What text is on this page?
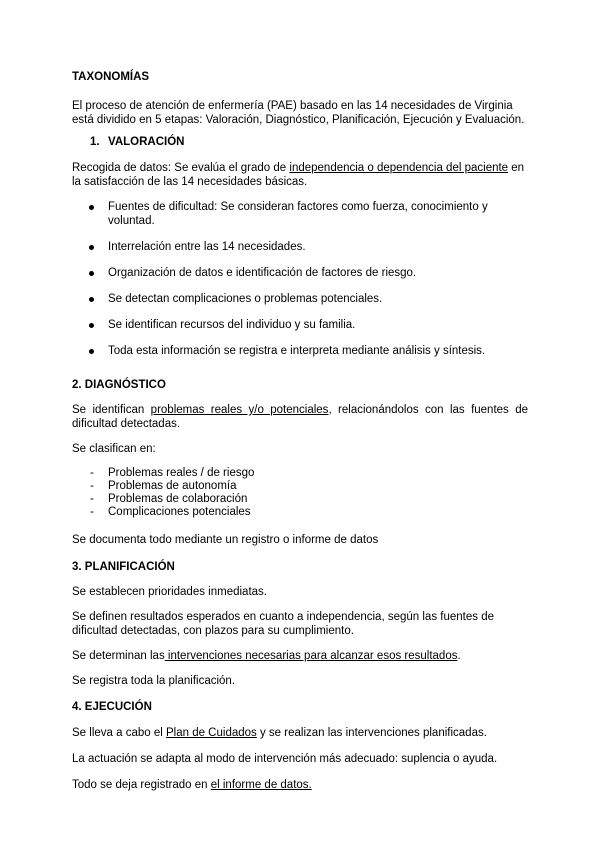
TAXONOMÍAS

El proceso de atención de enfermería (PAE) basado en las 14 necesidades de Virginia está dividido en 5 etapas: Valoración, Diagnóstico, Planificación, Ejecución y Evaluación.

1. VALORACIÓN

Recogida de datos: Se evalúa el grado de independencia o dependencia del paciente en la satisfacción de las 14 necesidades básicas.

Fuentes de dificultad: Se consideran factores como fuerza, conocimiento y voluntad.
Interrelación entre las 14 necesidades.
Organización de datos e identificación de factores de riesgo.
Se detectan complicaciones o problemas potenciales.
Se identifican recursos del individuo y su familia.
Toda esta información se registra e interpreta mediante análisis y síntesis.

2. DIAGNÓSTICO

Se identifican problemas reales y/o potenciales, relacionándolos con las fuentes de dificultad detectadas.

Se clasifican en:

- Problemas reales / de riesgo
- Problemas de autonomía
- Problemas de colaboración
- Complicaciones potenciales

Se documenta todo mediante un registro o informe de datos

3. PLANIFICACIÓN

Se establecen prioridades inmediatas.

Se definen resultados esperados en cuanto a independencia, según las fuentes de dificultad detectadas, con plazos para su cumplimiento.

Se determinan las intervenciones necesarias para alcanzar esos resultados.

Se registra toda la planificación.

4. EJECUCIÓN

Se lleva a cabo el Plan de Cuidados y se realizan las intervenciones planificadas.

La actuación se adapta al modo de intervención más adecuado: suplencia o ayuda.

Todo se deja registrado en el informe de datos.
